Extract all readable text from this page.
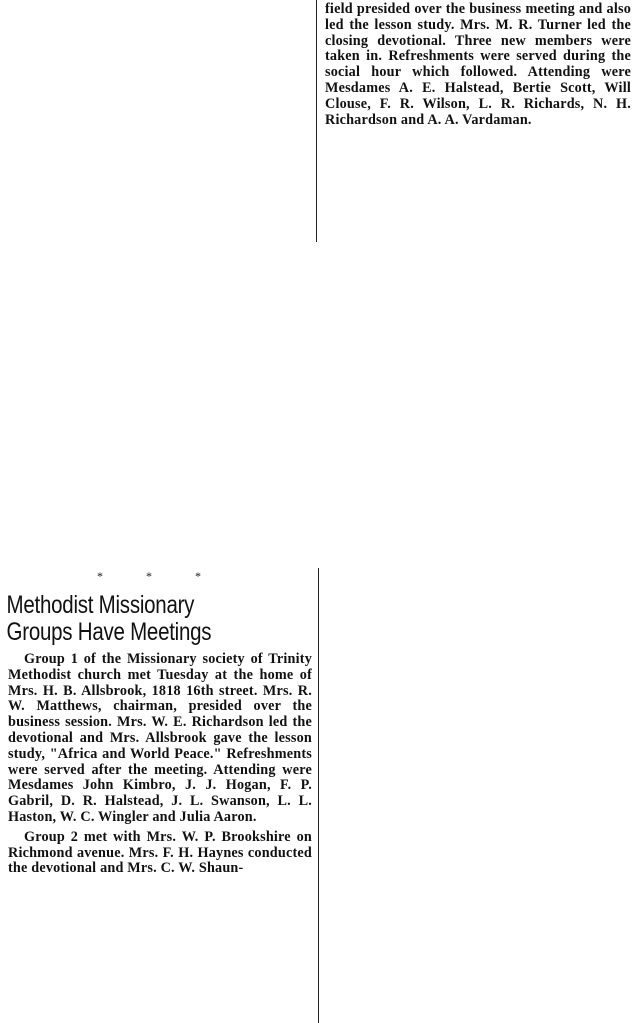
field presided over the business meeting and also led the lesson study. Mrs. M. R. Turner led the closing devotional. Three new members were taken in. Refreshments were served during the social hour which followed. Attending were Mesdames A. E. Halstead, Bertie Scott, Will Clouse, F. R. Wilson, L. R. Richards, N. H. Richardson and A. A. Vardaman.

* * *
Methodist Missionary
Groups Have Meetings

Group 1 of the Missionary society of Trinity Methodist church met Tuesday at the home of Mrs. H. B. Allsbrook, 1818 16th street. Mrs. R. W. Matthews, chairman, presided over the business session. Mrs. W. E. Richardson led the devotional and Mrs. Allsbrook gave the lesson study, "Africa and World Peace." Refreshments were served after the meeting. Attending were Mesdames John Kimbro, J. J. Hogan, F. P. Gabril, D. R. Halstead, J. L. Swanson, L. L. Haston, W. C. Wingler and Julia Aaron.

Group 2 met with Mrs. W. P. Brookshire on Richmond avenue. Mrs. F. H. Haynes conducted the devotional and Mrs. C. W. Shaun-
